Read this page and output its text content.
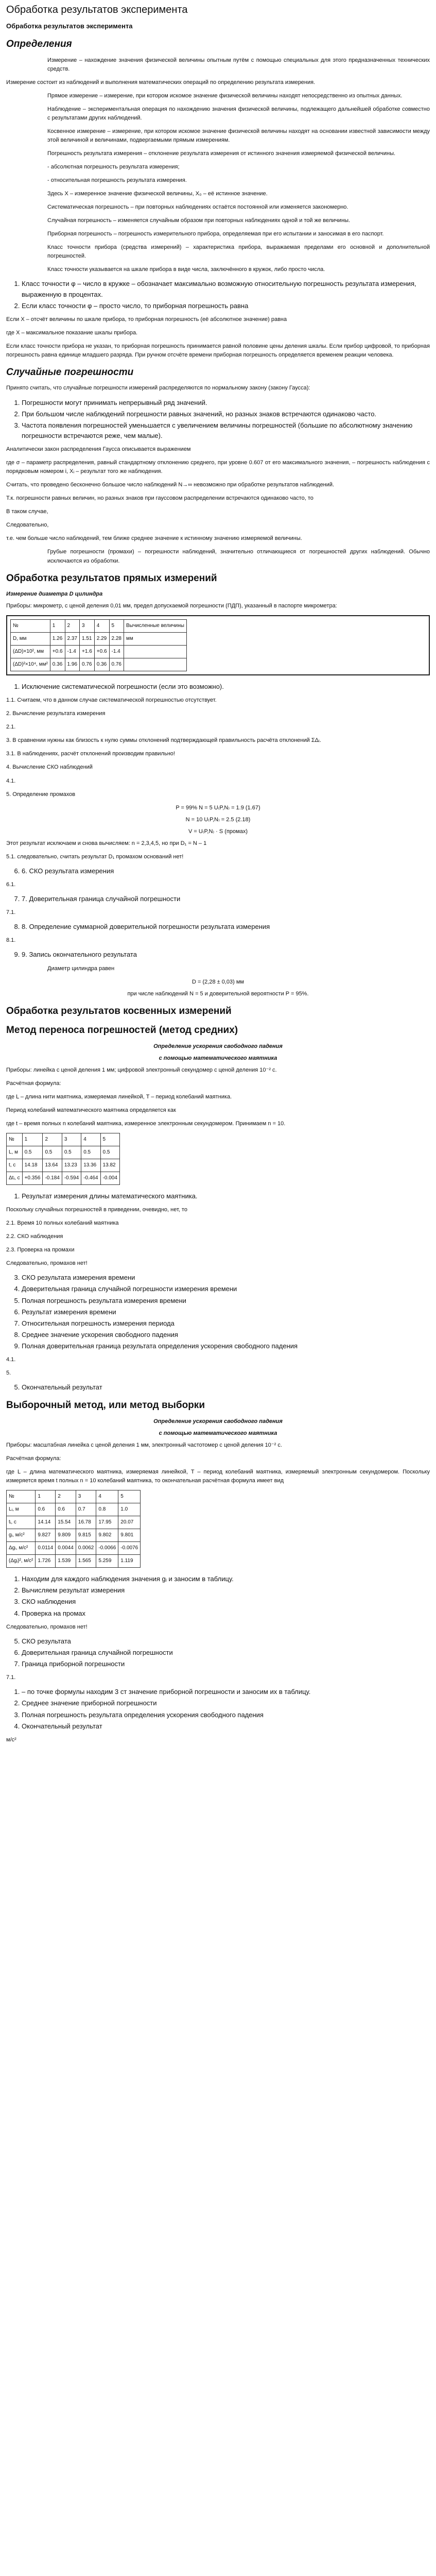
Обработка результатов эксперимента
Обработка результатов эксперимента
Определения

Измерение – нахождение значения физической величины опытным путём с помощью специальных для этого предназначенных технических средств.

Измерение состоит из наблюдений и выполнения математических операций по определению результата измерения.

Прямое измерение – измерение, при котором искомое значение физической величины находят непосредственно из опытных данных.

Наблюдение – экспериментальная операция по нахождению значения физической величины, подлежащего дальнейшей обработке совместно с результатами других наблюдений.

Косвенное измерение – измерение, при котором искомое значение физической величины находят на основании известной зависимости между этой величиной и величинами, подвергаемыми прямым измерениям.

Погрешность результата измерения – отклонение результата измерения от истинного значения измеряемой физической величины.

- абсолютная погрешность результата измерения;

- относительная погрешность результата измерения.

Здесь X – измеренное значение физической величины, X₀ – её истинное значение.

Систематическая погрешность – при повторных наблюдениях остаётся постоянной или изменяется закономерно.

Случайная погрешность – изменяется случайным образом при повторных наблюдениях одной и той же величины.

Приборная погрешность – погрешность измерительного прибора, определяемая при его испытании и заносимая в его паспорт.

Класс точности прибора (средства измерений) – характеристика прибора, выражаемая пределами его основной и дополнительной погрешностей.

Класс точности указывается на шкале прибора в виде числа, заключённого в кружок, либо просто числа.

1. Класс точности φ – число в кружке – обозначает максимально возможную относительную погрешность результата измерения, выраженную в процентах.
2. Если класс точности φ – просто число, то приборная погрешность равна

Если X – отсчёт величины по шкале прибора, то приборная погрешность (её абсолютное значение) равна

где X – максимальное показание шкалы прибора.

Если класс точности прибора не указан, то приборная погрешность принимается равной половине цены деления шкалы. Если прибор цифровой, то приборная погрешность равна единице младшего разряда. При ручном отсчёте времени приборная погрешность определяется временем реакции человека.

Случайные погрешности

Принято считать, что случайные погрешности измерений распределяются по нормальному закону (закону Гаусса):

1. Погрешности могут принимать непрерывный ряд значений.
2. При большом числе наблюдений погрешности равных значений, но разных знаков встречаются одинаково часто.
3. Частота появления погрешностей уменьшается с увеличением величины погрешностей (большие по абсолютному значению погрешности встречаются реже, чем малые).

Аналитически закон распределения Гаусса описывается выражением

где σ – параметр распределения, равный стандартному отклонению среднего, при уровне 0.607 от его максимального значения, – погрешность наблюдения с порядковым номером i, Xᵢ – результат того же наблюдения.

Считать, что проведено бесконечно большое число наблюдений N→∞ невозможно при обработке результатов наблюдений.

Т.к. погрешности равных величин, но разных знаков при гауссовом распределении встречаются одинаково часто, то

В таком случае,

Следовательно,

т.е. чем больше число наблюдений, тем ближе среднее значение к истинному значению измеряемой величины.

Грубые погрешности (промахи) – погрешности наблюдений, значительно отличающиеся от погрешностей других наблюдений. Обычно исключаются из обработки.

Обработка результатов прямых измерений
Измерение диаметра D цилиндра

Приборы: микрометр, с ценой деления 0,01 мм, предел допускаемой погрешности (ПДП), указанный в паспорте микрометра:

№	1	2	3	4	5	Вычисленные величины
D, мм	1.26	2.37	1.51	2.29	2.28	мм
(ΔD)×10², мм	+0.6	-1.4	+1.6	+0.6	-1.4	
(ΔD)²×10⁴, мм²	0.36	1.96	0.76	0.36	0.76	
1. Исключение систематической погрешности (если это возможно).

1.1. Считаем, что в данном случае систематической погрешностью отсутствует.

2. Вычисление результата измерения

2.1.

3. В сравнении нужны как близость к нулю суммы отклонений подтверждающей правильность расчёта отклонений ΣΔᵢ.

3.1. В наблюдениях, расчёт отклонений производим правильно!

4. Вычисление СКО наблюдений

4.1.

5. Определение промахов

P = 99% N = 5 U₍P,N₎ = 1.9 (1.67)
N = 10 U₍P,N₎ = 2.5 (2.18)
V = U₍P,N₎ · S (промах)

Этот результат исключаем и снова вычисляем: n = 2,3,4,5, но при D₁ = N – 1

5.1. следовательно, считать результат D₁ промахом оснований нет!

6. 6. СКО результата измерения

6.1.

7. 7. Доверительная граница случайной погрешности

7.1.

8. 8. Определение суммарной доверительной погрешности результата измерения

8.1.

9. 9. Запись окончательного результата

Диаметр цилиндра равен

D = (2,28 ± 0,03) мм
при числе наблюдений N = 5 и доверительной вероятности P = 95%.
Обработка результатов косвенных измерений
Метод переноса погрешностей (метод средних)
Определение ускорения свободного падения
с помощью математического маятника

Приборы: линейка с ценой деления 1 мм; цифровой электронный секундомер с ценой деления 10⁻² с.

Расчётная формула:

где L – длина нити маятника, измеряемая линейкой, T – период колебаний маятника.

Период колебаний математического маятника определяется как

где t – время полных n колебаний маятника, измеренное электронным секундомером. Принимаем n = 10.

№	1	2	3	4	5
L, м	0.5	0.5	0.5	0.5	0.5
t, с	14.18	13.64	13.23	13.36	13.82
Δtᵢ, с	+0.356	-0.184	-0.594	-0.464	-0.004
1. Результат измерения длины математического маятника.

Поскольку случайных погрешностей в приведении, очевидно, нет, то

2.1. Время 10 полных колебаний маятника

2.2. СКО наблюдения

2.3. Проверка на промахи

Следовательно, промахов нет!

3. СКО результата измерения времени
4. Доверительная граница случайной погрешности измерения времени
5. Полная погрешность результата измерения времени
6. Результат измерения времени
7. Относительная погрешность измерения периода
8. Среднее значение ускорения свободного падения
9. Полная доверительная граница результата определения ускорения свободного падения

4.1.

5.

5. Окончательный результат
Выборочный метод, или метод выборки
Определение ускорения свободного падения
с помощью математического маятника

Приборы: масштабная линейка с ценой деления 1 мм, электронный частотомер с ценой деления 10⁻² с.

Расчётная формула:

где L – длина математического маятника, измеряемая линейкой, T – период колебаний маятника, измеряемый электронным секундомером. Поскольку измеряется время t полных n = 10 колебаний маятника, то окончательная расчётная формула имеет вид

№	1	2	3	4	5
Lᵢ, м	0.6	0.6	0.7	0.8	1.0
tᵢ, с	14.14	15.54	16.78	17.95	20.07
gᵢ, м/с²	9.827	9.809	9.815	9.802	9.801
Δgᵢ, м/с²	0.0114	0.0044	0.0062	-0.0066	-0.0076
(Δgᵢ)², м/с²	1.726	1.539	1.565	5.259	1.119
1. Находим для каждого наблюдения значения gᵢ и заносим в таблицу.
2. Вычисляем результат измерения
3. СКО наблюдения
4. Проверка на промах

Следовательно, промахов нет!

5. СКО результата
6. Доверительная граница случайной погрешности
7. Граница приборной погрешности

7.1.

1. – по точке формулы находим 3 ст значение приборной погрешности и заносим их в таблицу.
2. Среднее значение приборной погрешности
3. Полная погрешность результата определения ускорения свободного падения
4. Окончательный результат

м/с²
